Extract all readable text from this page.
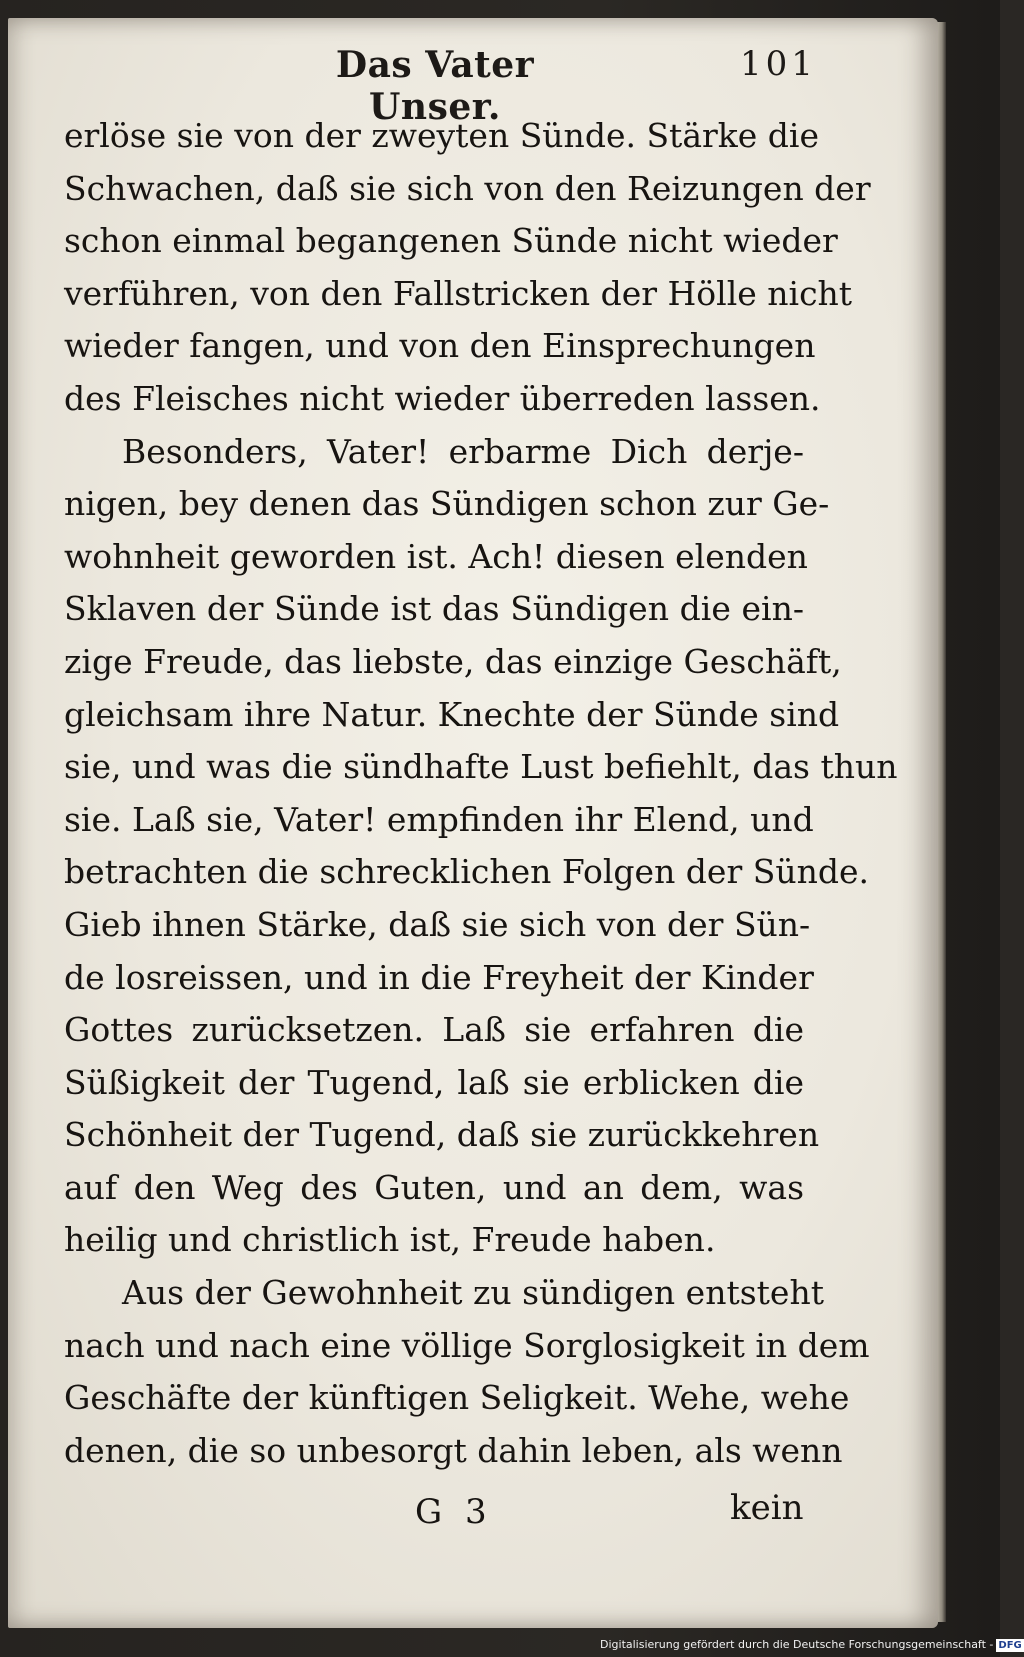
Das Vater Unser.
101
erlöse sie von der zweyten Sünde. Stärke die
Schwachen, daß sie sich von den Reizungen der
schon einmal begangenen Sünde nicht wieder
verführen, von den Fallstricken der Hölle nicht
wieder fangen, und von den Einsprechungen
des Fleisches nicht wieder überreden lassen.
Besonders, Vater! erbarme Dich derje-
nigen, bey denen das Sündigen schon zur Ge-
wohnheit geworden ist. Ach! diesen elenden
Sklaven der Sünde ist das Sündigen die ein-
zige Freude, das liebste, das einzige Geschäft,
gleichsam ihre Natur. Knechte der Sünde sind
sie, und was die sündhafte Lust befiehlt, das thun
sie. Laß sie, Vater! empfinden ihr Elend, und
betrachten die schrecklichen Folgen der Sünde.
Gieb ihnen Stärke, daß sie sich von der Sün-
de losreissen, und in die Freyheit der Kinder
Gottes zurücksetzen. Laß sie erfahren die
Süßigkeit der Tugend, laß sie erblicken die
Schönheit der Tugend, daß sie zurückkehren
auf den Weg des Guten, und an dem, was
heilig und christlich ist, Freude haben.
Aus der Gewohnheit zu sündigen entsteht
nach und nach eine völlige Sorglosigkeit in dem
Geschäfte der künftigen Seligkeit. Wehe, wehe
denen, die so unbesorgt dahin leben, als wenn
G 3	kein
Digitalisierung gefördert durch die Deutsche Forschungsgemeinschaft - DFG
